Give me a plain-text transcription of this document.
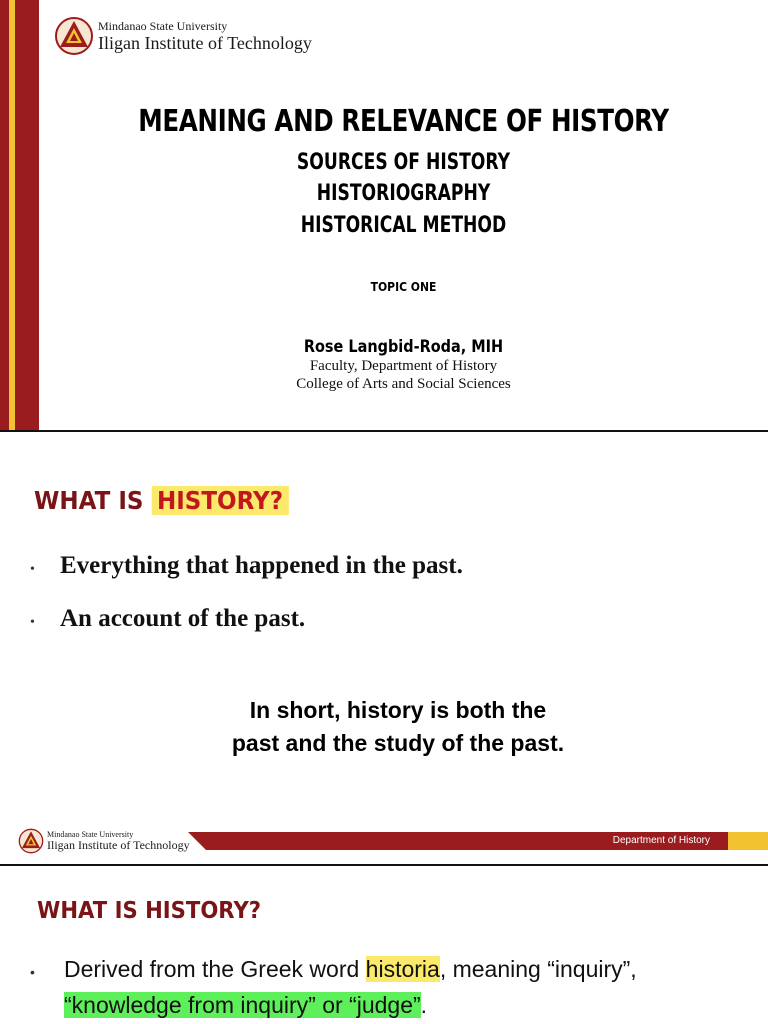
Mindanao State University
Iligan Institute of Technology
MEANING AND RELEVANCE OF HISTORY
SOURCES OF HISTORY
HISTORIOGRAPHY
HISTORICAL METHOD
TOPIC ONE
Rose Langbid-Roda, MIH
Faculty, Department of History
College of Arts and Social Sciences
WHAT IS HISTORY?
•	Everything that happened in the past.
•	An account of the past.
In short, history is both the
past and the study of the past.
Mindanao State University
Iligan Institute of Technology	Department of History
WHAT IS HISTORY?
•	Derived from the Greek word historia, meaning “inquiry”,
“knowledge from inquiry” or “judge”.
